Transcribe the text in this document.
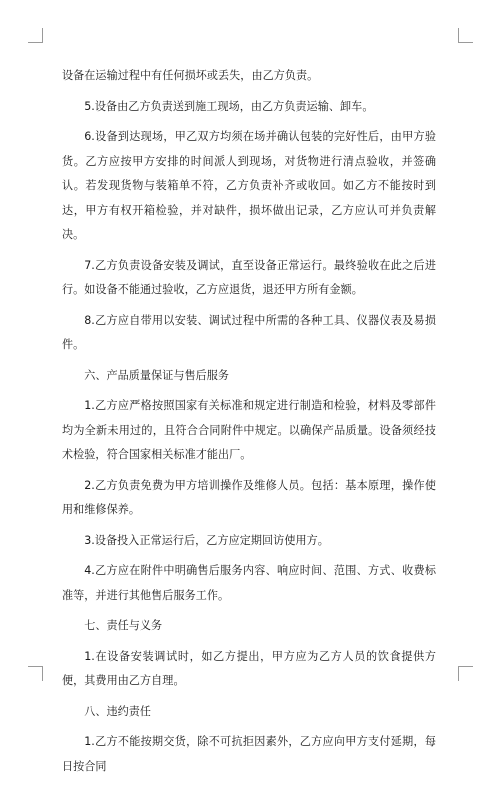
设备在运输过程中有任何损坏或丢失，由乙方负责。

5.设备由乙方负责送到施工现场，由乙方负责运输、卸车。

6.设备到达现场，甲乙双方均须在场并确认包装的完好性后，由甲方验货。乙方应按甲方安排的时间派人到现场，对货物进行清点验收，并签确认。若发现货物与装箱单不符，乙方负责补齐或收回。如乙方不能按时到达，甲方有权开箱检验，并对缺件，损坏做出记录，乙方应认可并负责解决。

7.乙方负责设备安装及调试，直至设备正常运行。最终验收在此之后进行。如设备不能通过验收，乙方应退货，退还甲方所有金额。

8.乙方应自带用以安装、调试过程中所需的各种工具、仪器仪表及易损件。

六、产品质量保证与售后服务

1.乙方应严格按照国家有关标准和规定进行制造和检验，材料及零部件均为全新未用过的，且符合合同附件中规定。以确保产品质量。设备须经技术检验，符合国家相关标准才能出厂。

2.乙方负责免费为甲方培训操作及维修人员。包括：基本原理，操作使用和维修保养。

3.设备投入正常运行后，乙方应定期回访使用方。

4.乙方应在附件中明确售后服务内容、响应时间、范围、方式、收费标准等，并进行其他售后服务工作。

七、责任与义务

1.在设备安装调试时，如乙方提出，甲方应为乙方人员的饮食提供方便，其费用由乙方自理。

八、违约责任

1.乙方不能按期交货，除不可抗拒因素外，乙方应向甲方支付延期，每日按合同
